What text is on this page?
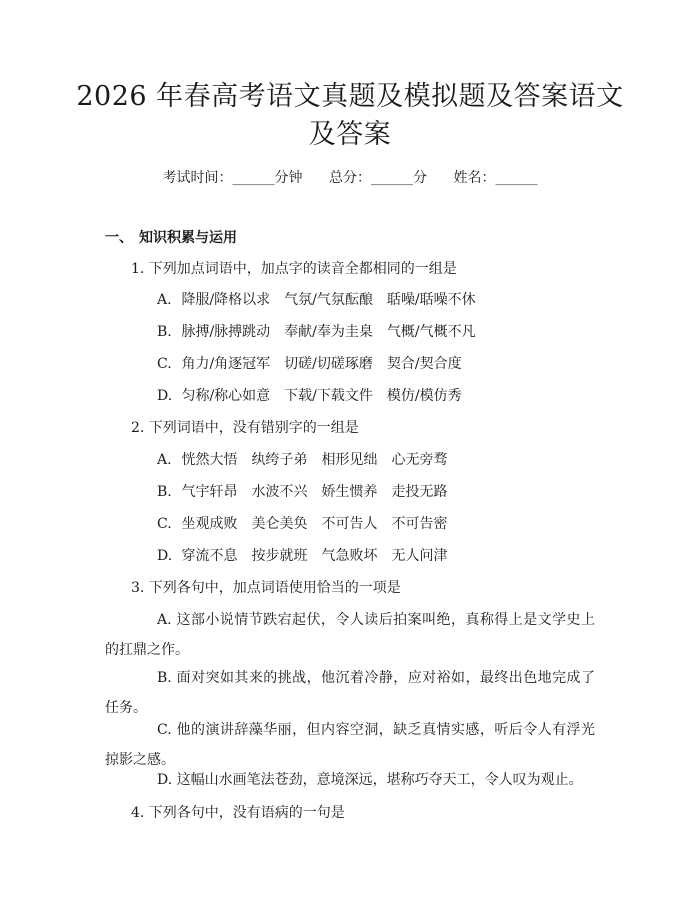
2026 年春高考语文真题及模拟题及答案语文
及答案
考试时间：______分钟 总分：______分 姓名：______
一、 知识积累与运用
1. 下列加点词语中，加点字的读音全都相同的一组是
A. 降服/降格以求 气氛/气氛酝酿 聒噪/聒噪不休
B. 脉搏/脉搏跳动 奉献/奉为圭臬 气概/气概不凡
C. 角力/角逐冠军 切磋/切磋琢磨 契合/契合度
D. 匀称/称心如意 下载/下载文件 模仿/模仿秀
2. 下列词语中，没有错别字的一组是
A. 恍然大悟 纨绔子弟 相形见绌 心无旁骛
B. 气宇轩昂 水波不兴 娇生惯养 走投无路
C. 坐观成败 美仑美奂 不可告人 不可告密
D. 穿流不息 按步就班 气急败坏 无人问津
3. 下列各句中，加点词语使用恰当的一项是
A. 这部小说情节跌宕起伏，令人读后拍案叫绝，真称得上是文学史上的扛鼎之作。
B. 面对突如其来的挑战，他沉着冷静，应对裕如，最终出色地完成了任务。
C. 他的演讲辞藻华丽，但内容空洞，缺乏真情实感，听后令人有浮光掠影之感。
D. 这幅山水画笔法苍劲，意境深远，堪称巧夺天工，令人叹为观止。
4. 下列各句中，没有语病的一句是
